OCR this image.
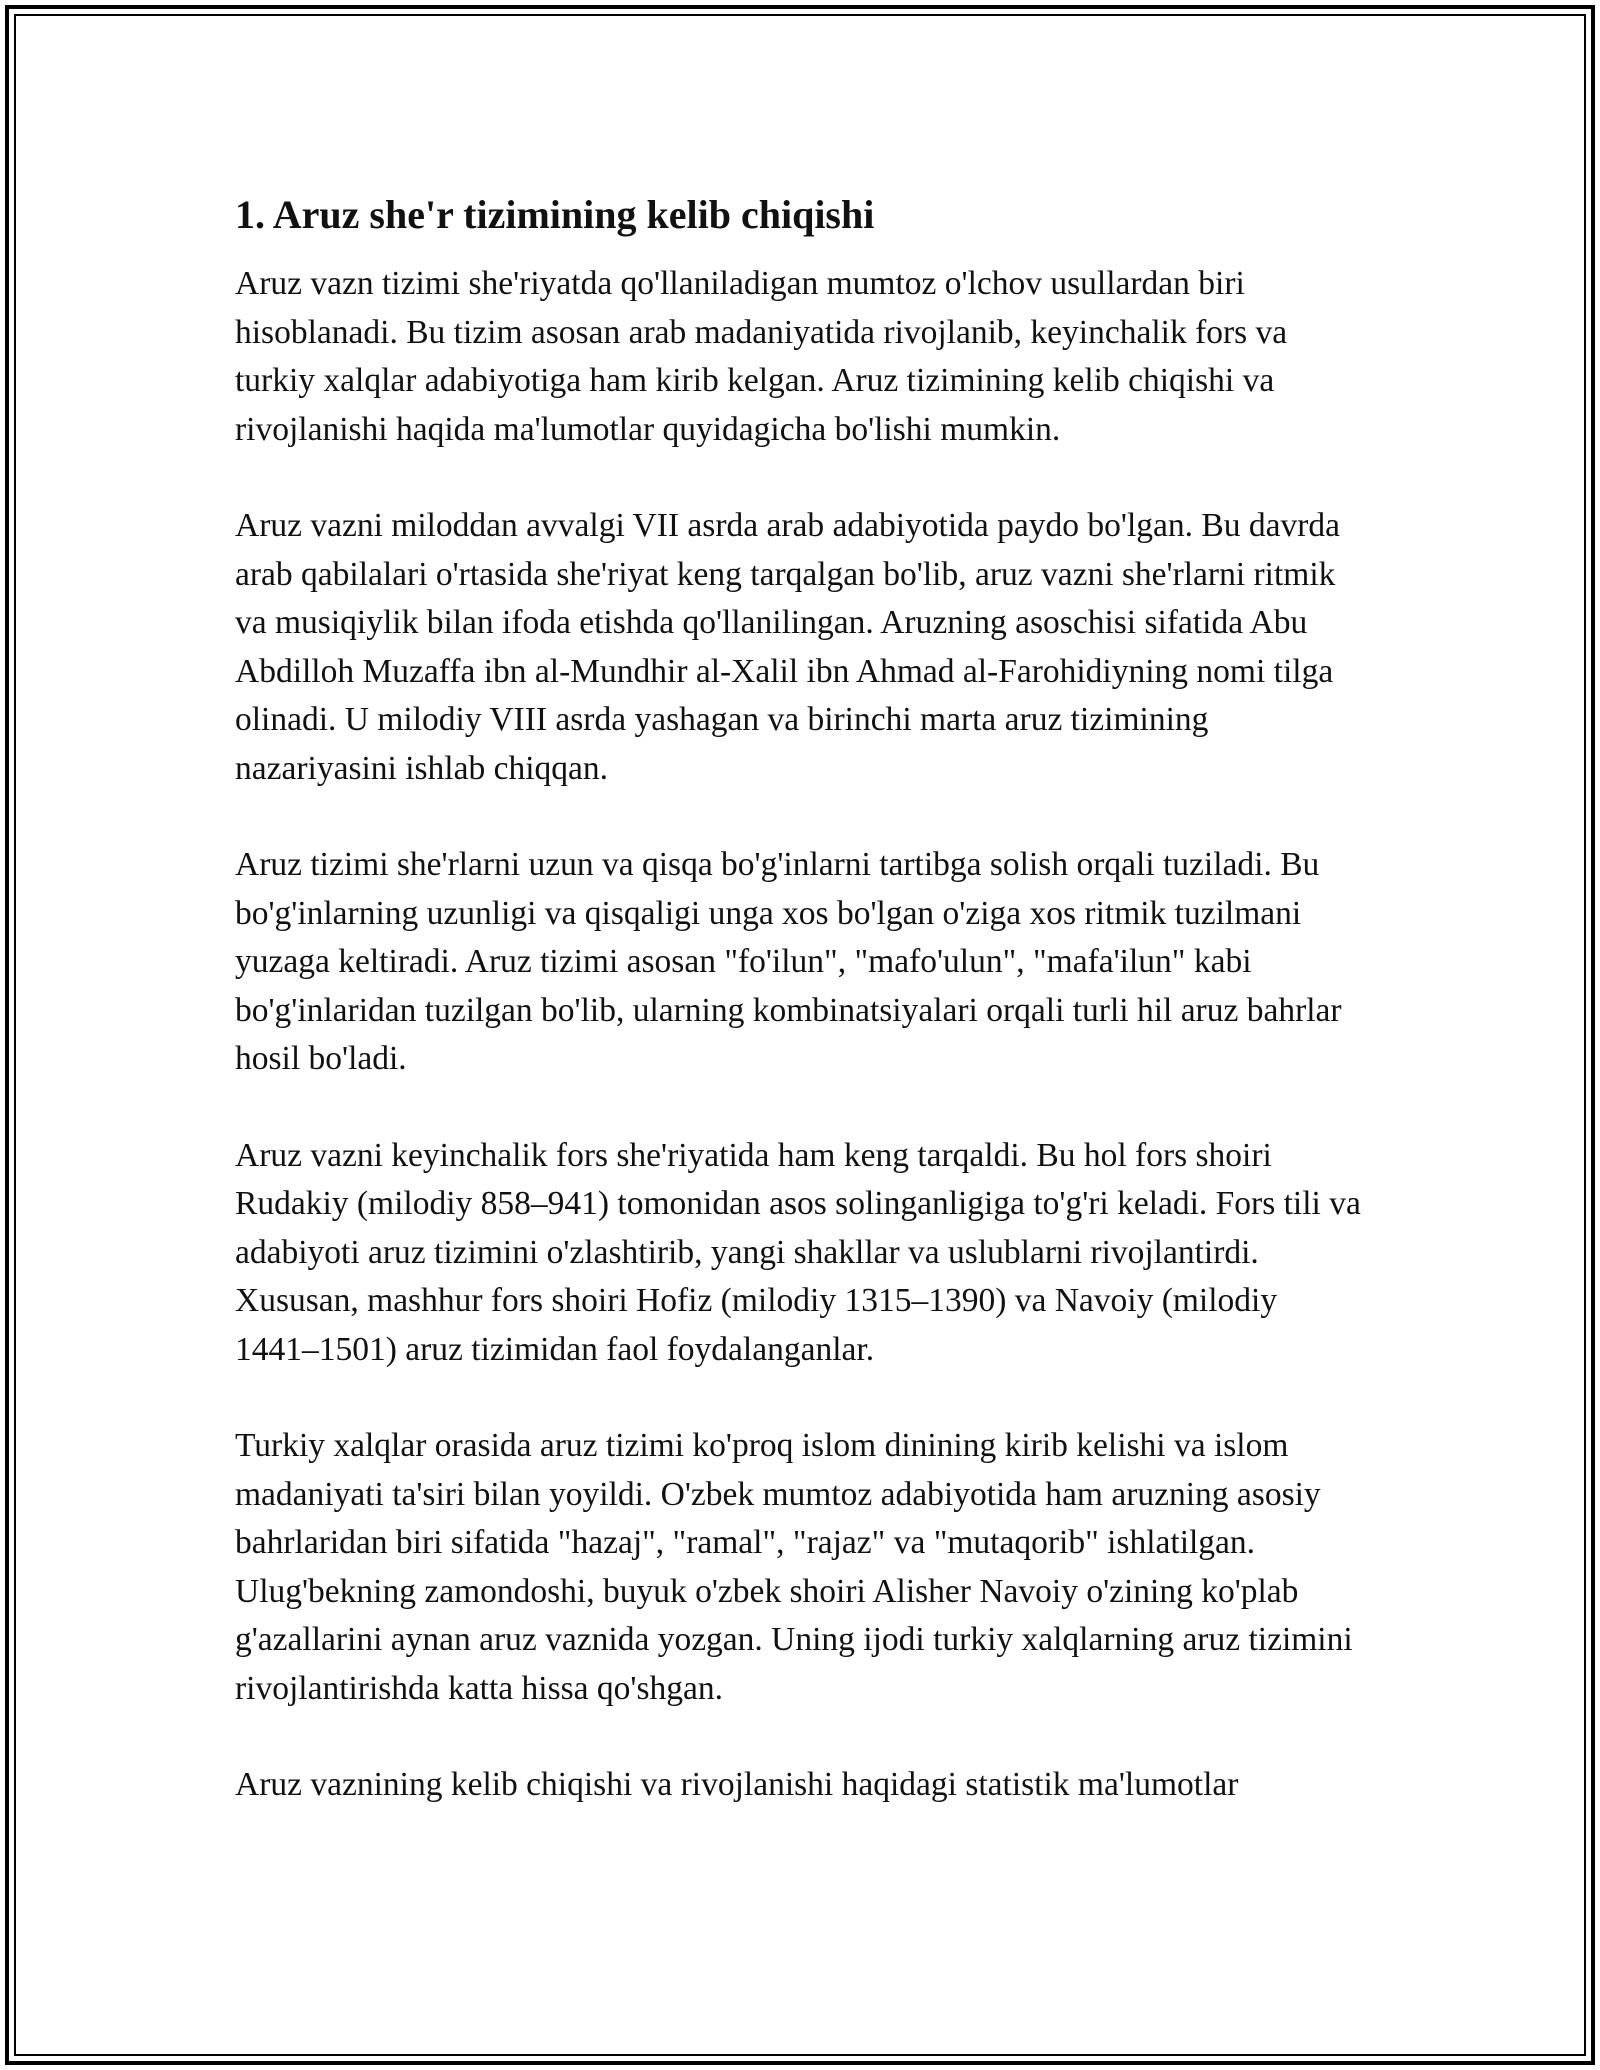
1. Aruz she'r tizimining kelib chiqishi

Aruz vazn tizimi she'riyatda qo'llaniladigan mumtoz o'lchov usullardan biri hisoblanadi. Bu tizim asosan arab madaniyatida rivojlanib, keyinchalik fors va turkiy xalqlar adabiyotiga ham kirib kelgan. Aruz tizimining kelib chiqishi va rivojlanishi haqida ma'lumotlar quyidagicha bo'lishi mumkin.

Aruz vazni miloddan avvalgi VII asrda arab adabiyotida paydo bo'lgan. Bu davrda arab qabilalari o'rtasida she'riyat keng tarqalgan bo'lib, aruz vazni she'rlarni ritmik va musiqiylik bilan ifoda etishda qo'llanilingan. Aruzning asoschisi sifatida Abu Abdilloh Muzaffa ibn al-Mundhir al-Xalil ibn Ahmad al-Farohidiyning nomi tilga olinadi. U milodiy VIII asrda yashagan va birinchi marta aruz tizimining nazariyasini ishlab chiqqan.

Aruz tizimi she'rlarni uzun va qisqa bo'g'inlarni tartibga solish orqali tuziladi. Bu bo'g'inlarning uzunligi va qisqaligi unga xos bo'lgan o'ziga xos ritmik tuzilmani yuzaga keltiradi. Aruz tizimi asosan "fo'ilun", "mafo'ulun", "mafa'ilun" kabi bo'g'inlaridan tuzilgan bo'lib, ularning kombinatsiyalari orqali turli hil aruz bahrlar hosil bo'ladi.

Aruz vazni keyinchalik fors she'riyatida ham keng tarqaldi. Bu hol fors shoiri Rudakiy (milodiy 858–941) tomonidan asos solinganligiga to'g'ri keladi. Fors tili va adabiyoti aruz tizimini o'zlashtirib, yangi shakllar va uslublarni rivojlantirdi. Xususan, mashhur fors shoiri Hofiz (milodiy 1315–1390) va Navoiy (milodiy 1441–1501) aruz tizimidan faol foydalanganlar.

Turkiy xalqlar orasida aruz tizimi ko'proq islom dinining kirib kelishi va islom madaniyati ta'siri bilan yoyildi. O'zbek mumtoz adabiyotida ham aruzning asosiy bahrlaridan biri sifatida "hazaj", "ramal", "rajaz" va "mutaqorib" ishlatilgan. Ulug'bekning zamondoshi, buyuk o'zbek shoiri Alisher Navoiy o'zining ko'plab g'azallarini aynan aruz vaznida yozgan. Uning ijodi turkiy xalqlarning aruz tizimini rivojlantirishda katta hissa qo'shgan.

Aruz vaznining kelib chiqishi va rivojlanishi haqidagi statistik ma'lumotlar
